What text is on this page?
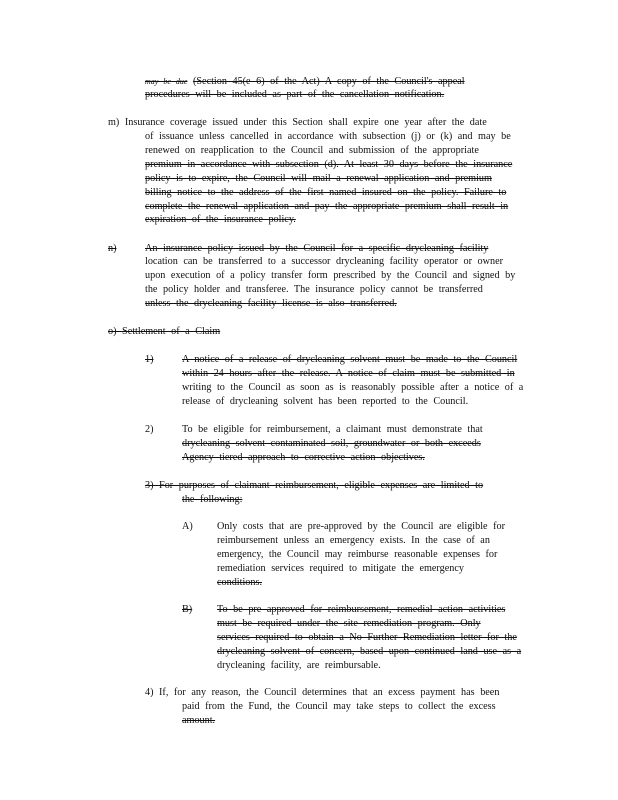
may be due (Section 45(e 6) of the Act) A copy of the Council's appeal
procedures will be included as part of the cancellation notification.
m) Insurance coverage issued under this Section shall expire one year after the date
of issuance unless cancelled in accordance with subsection (j) or (k) and may be
renewed on reapplication to the Council and submission of the appropriate
premium in accordance with subsection (d). At least 30 days before the insurance
policy is to expire, the Council will mail a renewal application and premium
billing notice to the address of the first named insured on the policy. Failure to
complete the renewal application and pay the appropriate premium shall result in
expiration of the insurance policy.
n)	An insurance policy issued by the Council for a specific drycleaning facility
location can be transferred to a successor drycleaning facility operator or owner
upon execution of a policy transfer form prescribed by the Council and signed by
the policy holder and transferee. The insurance policy cannot be transferred
unless the drycleaning facility license is also transferred.
o) Settlement of a Claim
1)	A notice of a release of drycleaning solvent must be made to the Council
within 24 hours after the release. A notice of claim must be submitted in
writing to the Council as soon as is reasonably possible after a notice of a
release of drycleaning solvent has been reported to the Council.
2)	To be eligible for reimbursement, a claimant must demonstrate that
drycleaning solvent contaminated soil, groundwater or both exceeds
Agency tiered approach to corrective action objectives.
3) For purposes of claimant reimbursement, eligible expenses are limited to
the following:
A) Only costs that are pre-approved by the Council are eligible for
reimbursement unless an emergency exists. In the case of an
emergency, the Council may reimburse reasonable expenses for
remediation services required to mitigate the emergency
conditions.
B) To be pre approved for reimbursement, remedial action activities
must be required under the site remediation program. Only
services required to obtain a No Further Remediation letter for the
drycleaning solvent of concern, based upon continued land use as a
drycleaning facility, are reimbursable.
4) If, for any reason, the Council determines that an excess payment has been
paid from the Fund, the Council may take steps to collect the excess
amount.
